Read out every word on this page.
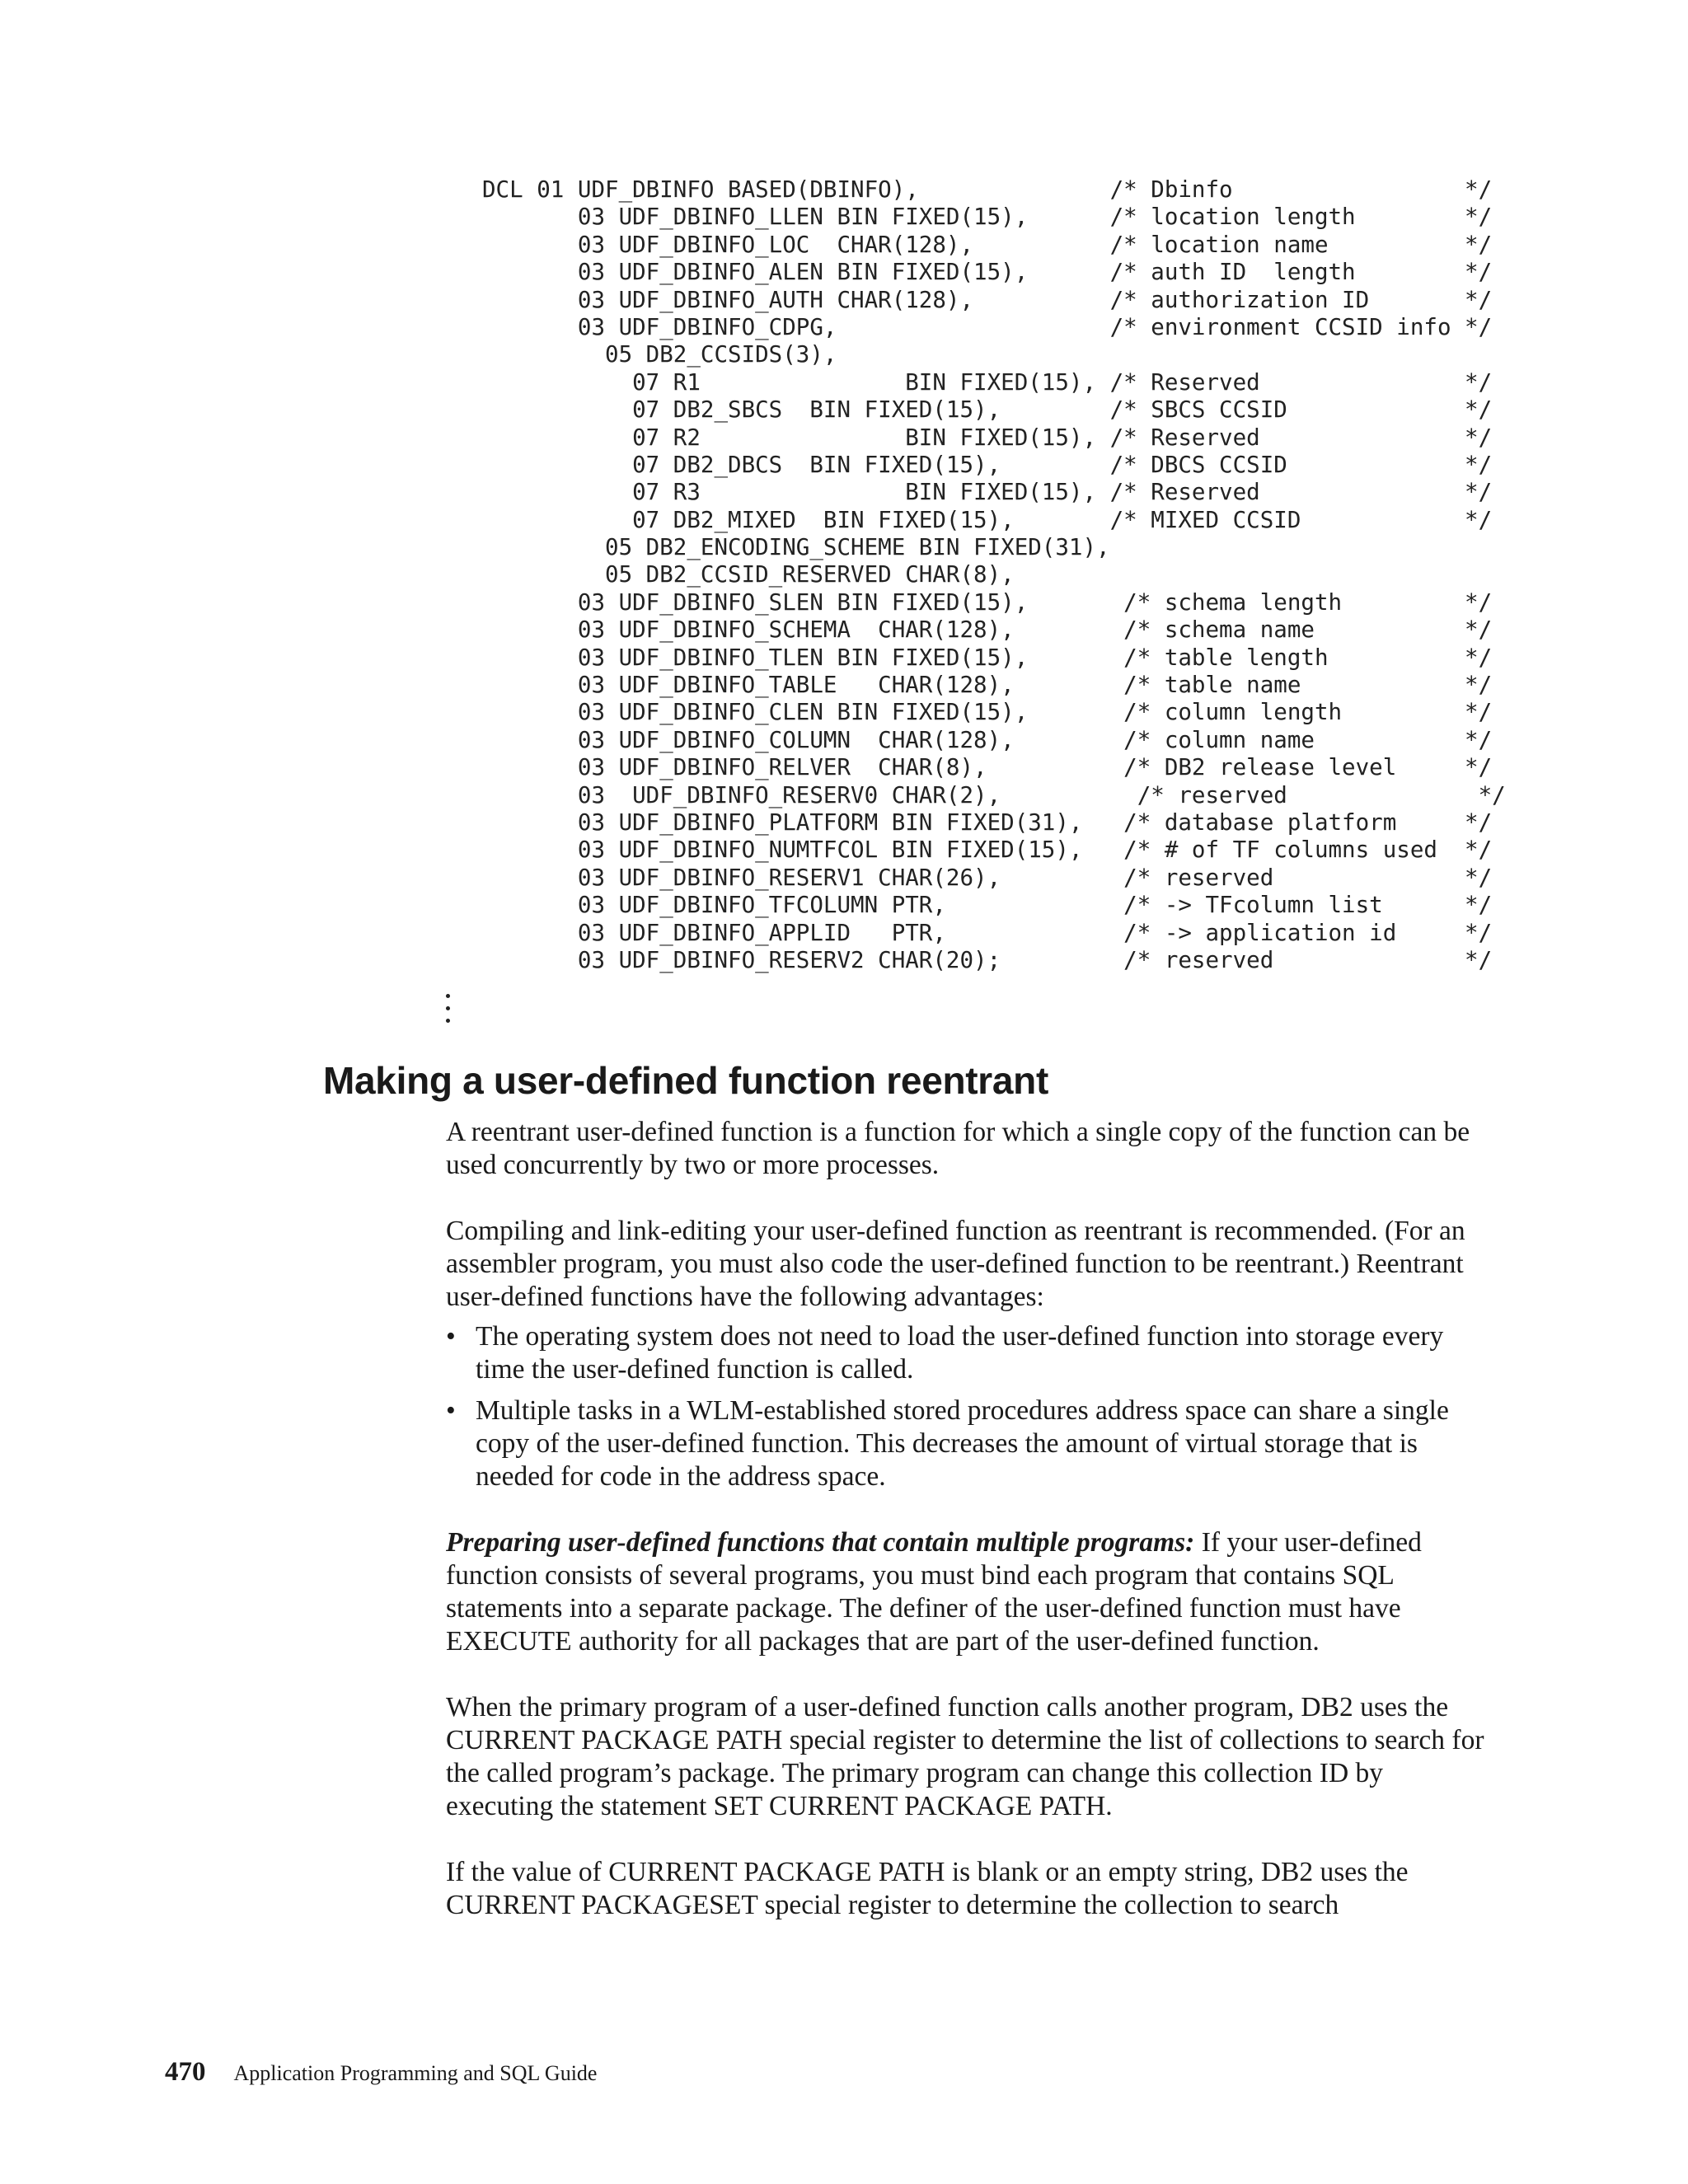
DCL 01 UDF_DBINFO BASED(DBINFO),              /* Dbinfo                 */
03 UDF_DBINFO_LLEN BIN FIXED(15),      /* location length        */
03 UDF_DBINFO_LOC  CHAR(128),          /* location name          */
03 UDF_DBINFO_ALEN BIN FIXED(15),      /* auth ID  length        */
03 UDF_DBINFO_AUTH CHAR(128),          /* authorization ID       */
03 UDF_DBINFO_CDPG,                    /* environment CCSID info */
05 DB2_CCSIDS(3),
07 R1               BIN FIXED(15), /* Reserved               */
07 DB2_SBCS  BIN FIXED(15),        /* SBCS CCSID             */
07 R2               BIN FIXED(15), /* Reserved               */
07 DB2_DBCS  BIN FIXED(15),        /* DBCS CCSID             */
07 R3               BIN FIXED(15), /* Reserved               */
07 DB2_MIXED  BIN FIXED(15),       /* MIXED CCSID            */
05 DB2_ENCODING_SCHEME BIN FIXED(31),
05 DB2_CCSID_RESERVED CHAR(8),
03 UDF_DBINFO_SLEN BIN FIXED(15),       /* schema length         */
03 UDF_DBINFO_SCHEMA  CHAR(128),        /* schema name           */
03 UDF_DBINFO_TLEN BIN FIXED(15),       /* table length          */
03 UDF_DBINFO_TABLE   CHAR(128),        /* table name            */
03 UDF_DBINFO_CLEN BIN FIXED(15),       /* column length         */
03 UDF_DBINFO_COLUMN  CHAR(128),        /* column name           */
03 UDF_DBINFO_RELVER  CHAR(8),          /* DB2 release level     */
03  UDF_DBINFO_RESERV0 CHAR(2),          /* reserved              */
03 UDF_DBINFO_PLATFORM BIN FIXED(31),   /* database platform     */
03 UDF_DBINFO_NUMTFCOL BIN FIXED(15),   /* # of TF columns used  */
03 UDF_DBINFO_RESERV1 CHAR(26),         /* reserved              */
03 UDF_DBINFO_TFCOLUMN PTR,             /* -> TFcolumn list      */
03 UDF_DBINFO_APPLID   PTR,             /* -> application id     */
03 UDF_DBINFO_RESERV2 CHAR(20);         /* reserved              */
Making a user-defined function reentrant

A reentrant user-defined function is a function for which a single copy of the function can be used concurrently by two or more processes.

Compiling and link-editing your user-defined function as reentrant is recommended. (For an assembler program, you must also code the user-defined function to be reentrant.) Reentrant user-defined functions have the following advantages:

• The operating system does not need to load the user-defined function into storage every time the user-defined function is called.
• Multiple tasks in a WLM-established stored procedures address space can share a single copy of the user-defined function. This decreases the amount of virtual storage that is needed for code in the address space.

Preparing user-defined functions that contain multiple programs: If your user-defined function consists of several programs, you must bind each program that contains SQL statements into a separate package. The definer of the user-defined function must have EXECUTE authority for all packages that are part of the user-defined function.

When the primary program of a user-defined function calls another program, DB2 uses the CURRENT PACKAGE PATH special register to determine the list of collections to search for the called program’s package. The primary program can change this collection ID by executing the statement SET CURRENT PACKAGE PATH.

If the value of CURRENT PACKAGE PATH is blank or an empty string, DB2 uses the CURRENT PACKAGESET special register to determine the collection to search

470 Application Programming and SQL Guide
